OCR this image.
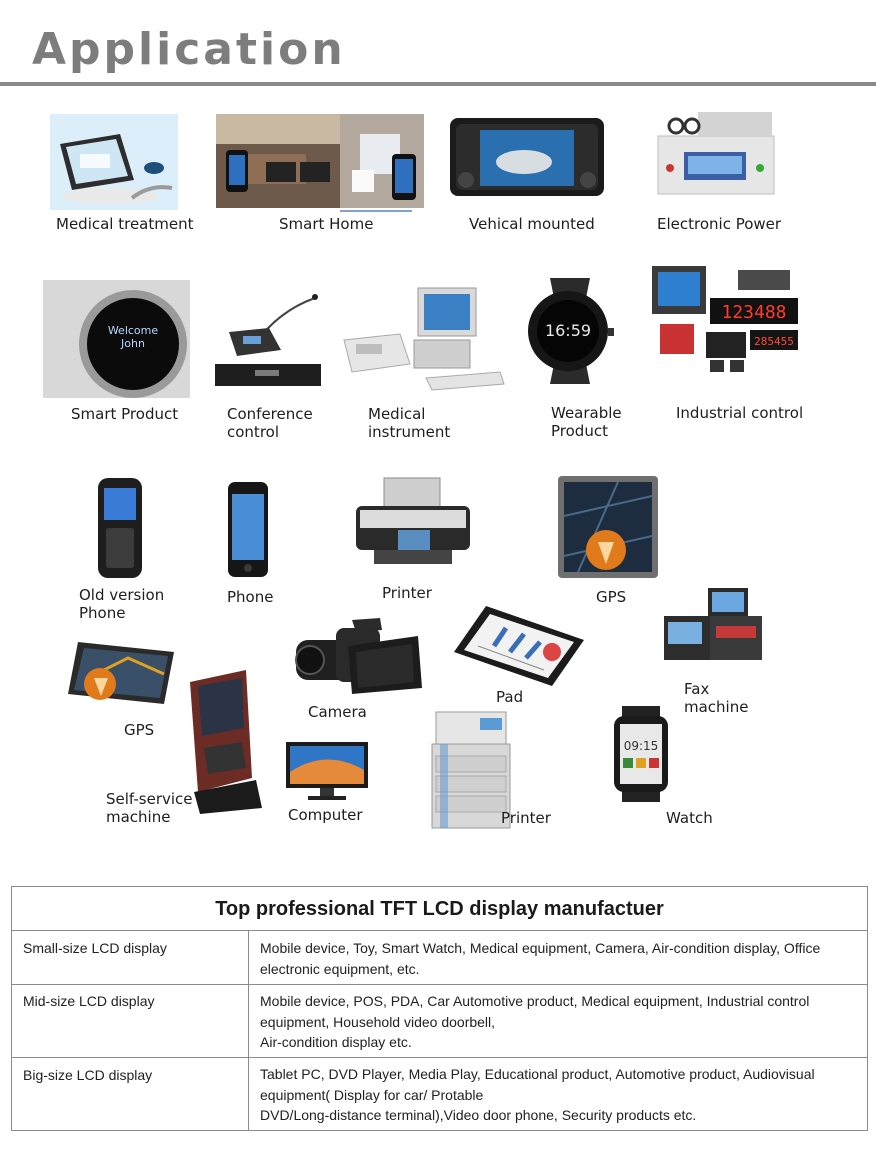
Application
Medical treatment	Smart Home	Vehical mounted	Electronic Power
Welcome
John
Smart Product	Conference
control
Medical
instrument
16:59
Wearable
Product
123488
285455
Industrial control
Old version
Phone
Phone	Printer	GPS
GPS
Self-service
machine
Camera
Pad	Fax
machine
Computer	Printer
09:15
Watch
Top professional TFT LCD display manufactuer
Small-size LCD display	Mobile device, Toy, Smart Watch, Medical equipment, Camera, Air-condition display, Office
electronic equipment, etc.
Mid-size LCD display	Mobile device, POS, PDA, Car Automotive product, Medical equipment, Industrial control
equipment, Household video doorbell,
Air-condition display etc.
Big-size LCD display	Tablet PC, DVD Player, Media Play, Educational product, Automotive product, Audiovisual
equipment( Display for car/ Protable
DVD/Long-distance terminal),Video door phone, Security products etc.
